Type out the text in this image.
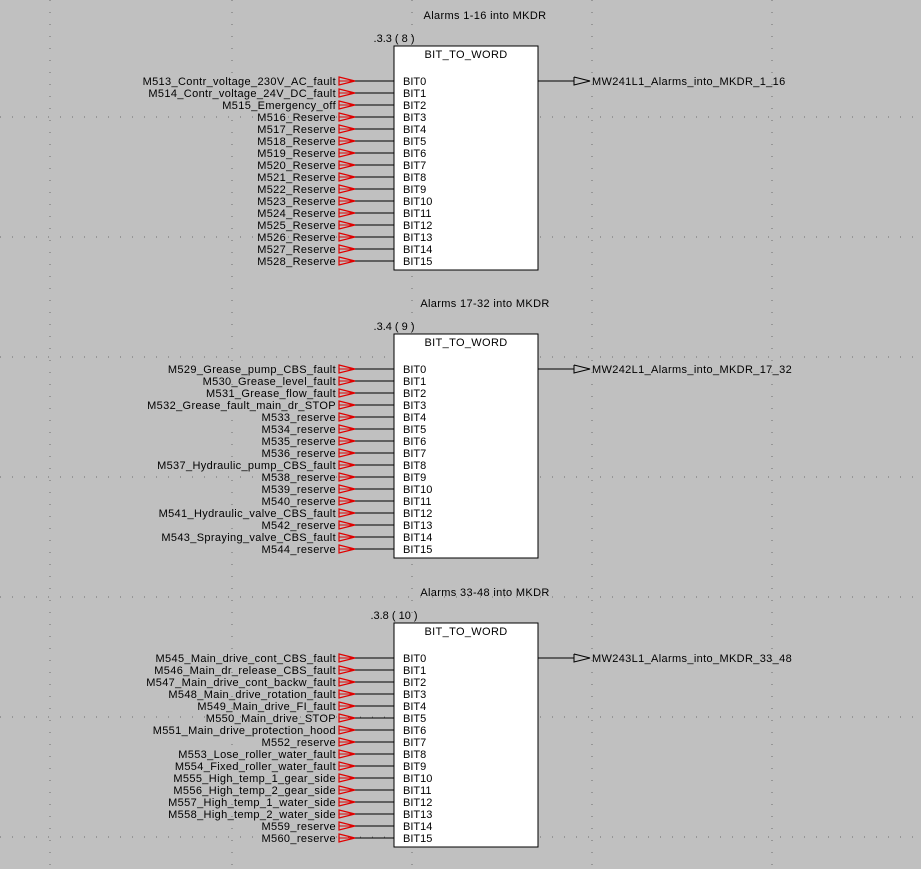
Alarms 1-16 into MKDR
.3.3 ( 8 )
BIT_TO_WORD
M513_Contr_voltage_230V_AC_fault	BIT0
M514_Contr_voltage_24V_DC_fault	BIT1
M515_Emergency_off	BIT2
M516_Reserve	BIT3
M517_Reserve	BIT4
M518_Reserve	BIT5
M519_Reserve	BIT6
M520_Reserve	BIT7
M521_Reserve	BIT8
M522_Reserve	BIT9
M523_Reserve	BIT10
M524_Reserve	BIT11
M525_Reserve	BIT12
M526_Reserve	BIT13
M527_Reserve	BIT14
M528_Reserve	BIT15
MW241L1_Alarms_into_MKDR_1_16
Alarms 17-32 into MKDR
.3.4 ( 9 )
BIT_TO_WORD
M529_Grease_pump_CBS_fault	BIT0
M530_Grease_level_fault	BIT1
M531_Grease_flow_fault	BIT2
M532_Grease_fault_main_dr_STOP	BIT3
M533_reserve	BIT4
M534_reserve	BIT5
M535_reserve	BIT6
M536_reserve	BIT7
M537_Hydraulic_pump_CBS_fault	BIT8
M538_reserve	BIT9
M539_reserve	BIT10
M540_reserve	BIT11
M541_Hydraulic_valve_CBS_fault	BIT12
M542_reserve	BIT13
M543_Spraying_valve_CBS_fault	BIT14
M544_reserve	BIT15
MW242L1_Alarms_into_MKDR_17_32
Alarms 33-48 into MKDR
.3.8 ( 10 )
BIT_TO_WORD
M545_Main_drive_cont_CBS_fault	BIT0
M546_Main_dr_release_CBS_fault	BIT1
M547_Main_drive_cont_backw_fault	BIT2
M548_Main_drive_rotation_fault	BIT3
M549_Main_drive_FI_fault	BIT4
M550_Main_drive_STOP	BIT5
M551_Main_drive_protection_hood	BIT6
M552_reserve	BIT7
M553_Lose_roller_water_fault	BIT8
M554_Fixed_roller_water_fault	BIT9
M555_High_temp_1_gear_side	BIT10
M556_High_temp_2_gear_side	BIT11
M557_High_temp_1_water_side	BIT12
M558_High_temp_2_water_side	BIT13
M559_reserve	BIT14
M560_reserve	BIT15
MW243L1_Alarms_into_MKDR_33_48
